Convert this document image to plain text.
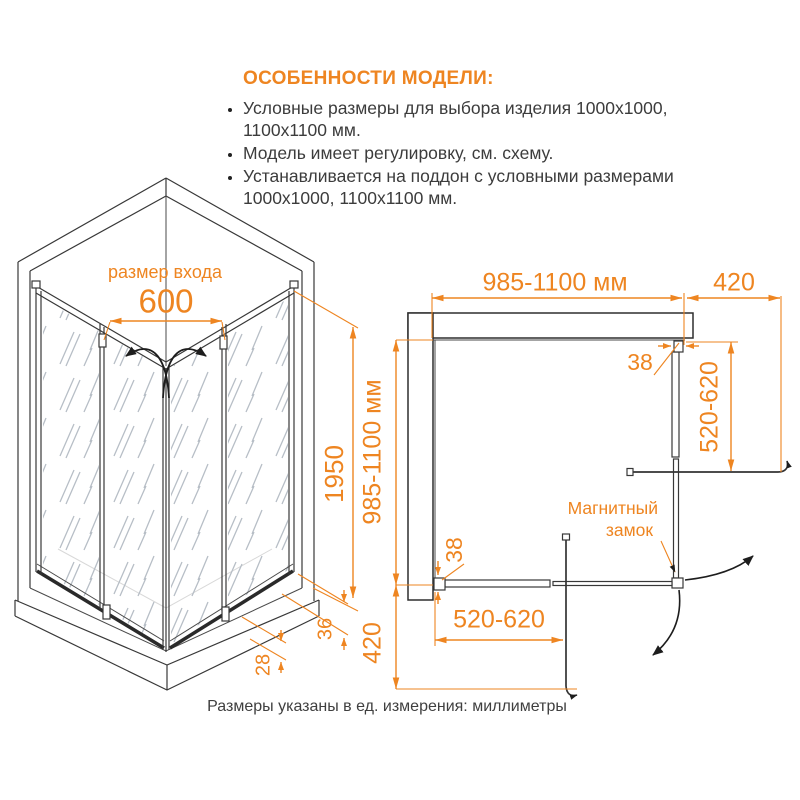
ОСОБЕННОСТИ МОДЕЛИ:
• Условные размеры для выбора изделия 1000x1000, 1100x1100 мм.
• Модель имеет регулировку, см. схему.
• Устанавливается на поддон с условными размерами 1000x1000, 1100x1100 мм.
размер входа
600
1950
36
28
985-1100 мм	420
38 520-620
985-1100 мм
420
38
520-620
Магнитный
замок
Размеры указаны в ед. измерения: миллиметры
